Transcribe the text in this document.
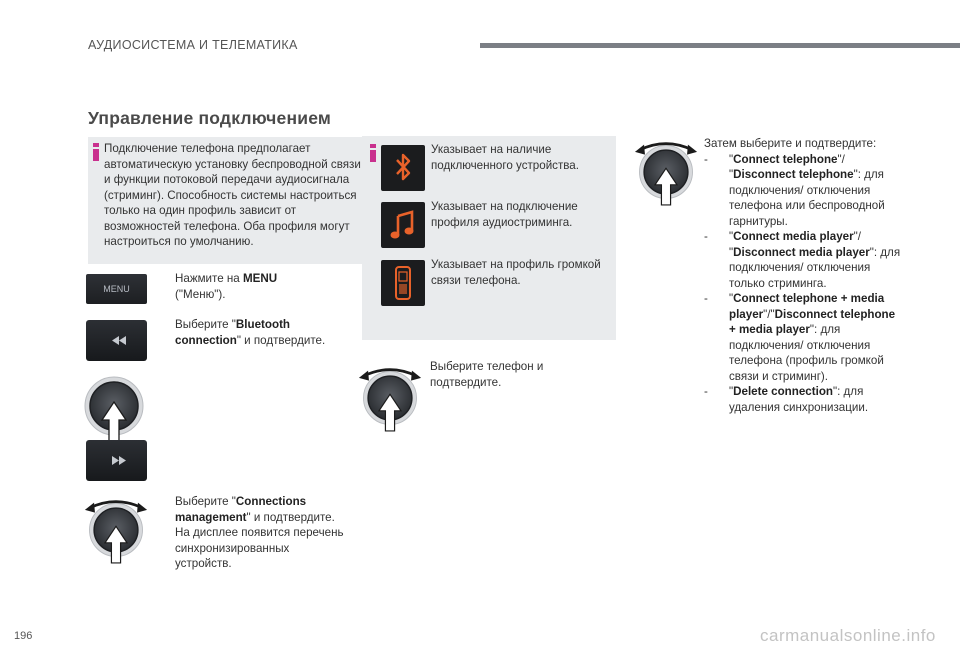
АУДИОСИСТЕМА И ТЕЛЕМАТИКА
Управление подключением
Подключение телефона предполагает автоматическую установку беспроводной связи и функции потоковой передачи аудиосигнала (стриминг). Способность системы настроиться только на один профиль зависит от возможностей телефона. Оба профиля могут настроиться по умолчанию.
MENU
Нажмите на MENU
("Меню").
Выберите "Bluetooth connection" и подтвердите.
Выберите "Connections management" и подтвердите. На дисплее появится перечень синхронизированных устройств.
Указывает на наличие подключенного устройства.
Указывает на подключение профиля аудиостриминга.
Указывает на профиль громкой связи телефона.
Выберите телефон и подтвердите.
Затем выберите и подтвердите:
- "Connect telephone"/
"Disconnect telephone": для подключения/ отключения телефона или беспроводной гарнитуры.
- "Connect media player"/
"Disconnect media player": для подключения/ отключения только стриминга.
- "Connect telephone + media player"/"Disconnect telephone + media player": для подключения/ отключения телефона (профиль громкой связи и стриминг).
- "Delete connection": для удаления синхронизации.
196	carmanualsonline.info
